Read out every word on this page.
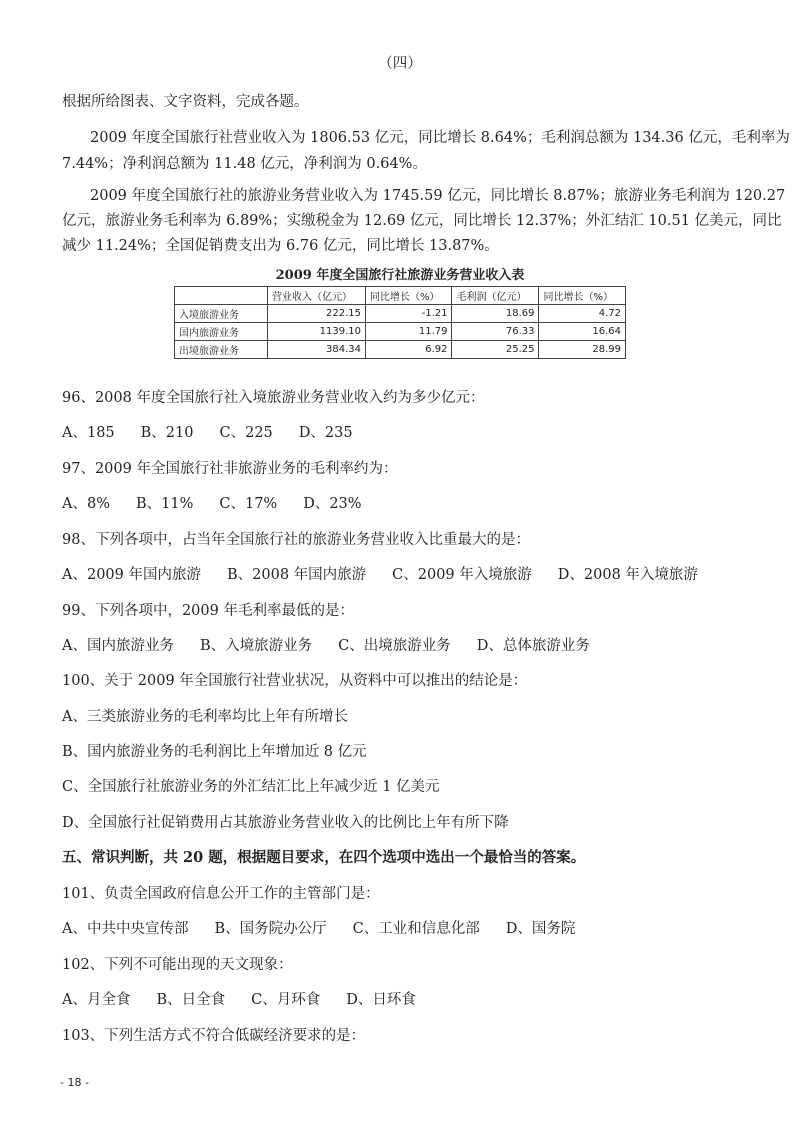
（四）
根据所给图表、文字资料，完成各题。
2009 年度全国旅行社营业收入为 1806.53 亿元，同比增长 8.64%；毛利润总额为 134.36 亿元，毛利率为
7.44%；净利润总额为 11.48 亿元，净利润为 0.64%。
2009 年度全国旅行社的旅游业务营业收入为 1745.59 亿元，同比增长 8.87%；旅游业务毛利润为 120.27
亿元，旅游业务毛利率为 6.89%；实缴税金为 12.69 亿元，同比增长 12.37%；外汇结汇 10.51 亿美元，同比
减少 11.24%；全国促销费支出为 6.76 亿元，同比增长 13.87%。
2009 年度全国旅行社旅游业务营业收入表
	营业收入（亿元）	同比增长（%）	毛利润（亿元）	同比增长（%）
入境旅游业务	222.15	-1.21	18.69	4.72
国内旅游业务	1139.10	11.79	76.33	16.64
出境旅游业务	384.34	6.92	25.25	28.99
96、2008 年度全国旅行社入境旅游业务营业收入约为多少亿元：
A、185 B、210 C、225 D、235
97、2009 年全国旅行社非旅游业务的毛利率约为：
A、8% B、11% C、17% D、23%
98、下列各项中，占当年全国旅行社的旅游业务营业收入比重最大的是：
A、2009 年国内旅游 B、2008 年国内旅游 C、2009 年入境旅游 D、2008 年入境旅游
99、下列各项中，2009 年毛利率最低的是：
A、国内旅游业务 B、入境旅游业务 C、出境旅游业务 D、总体旅游业务
100、关于 2009 年全国旅行社营业状况，从资料中可以推出的结论是：
A、三类旅游业务的毛利率均比上年有所增长
B、国内旅游业务的毛利润比上年增加近 8 亿元
C、全国旅行社旅游业务的外汇结汇比上年减少近 1 亿美元
D、全国旅行社促销费用占其旅游业务营业收入的比例比上年有所下降
五、常识判断，共 20 题，根据题目要求，在四个选项中选出一个最恰当的答案。
101、负责全国政府信息公开工作的主管部门是：
A、中共中央宣传部 B、国务院办公厅 C、工业和信息化部 D、国务院
102、下列不可能出现的天文现象：
A、月全食 B、日全食 C、月环食 D、日环食
103、下列生活方式不符合低碳经济要求的是：
- 18 -
